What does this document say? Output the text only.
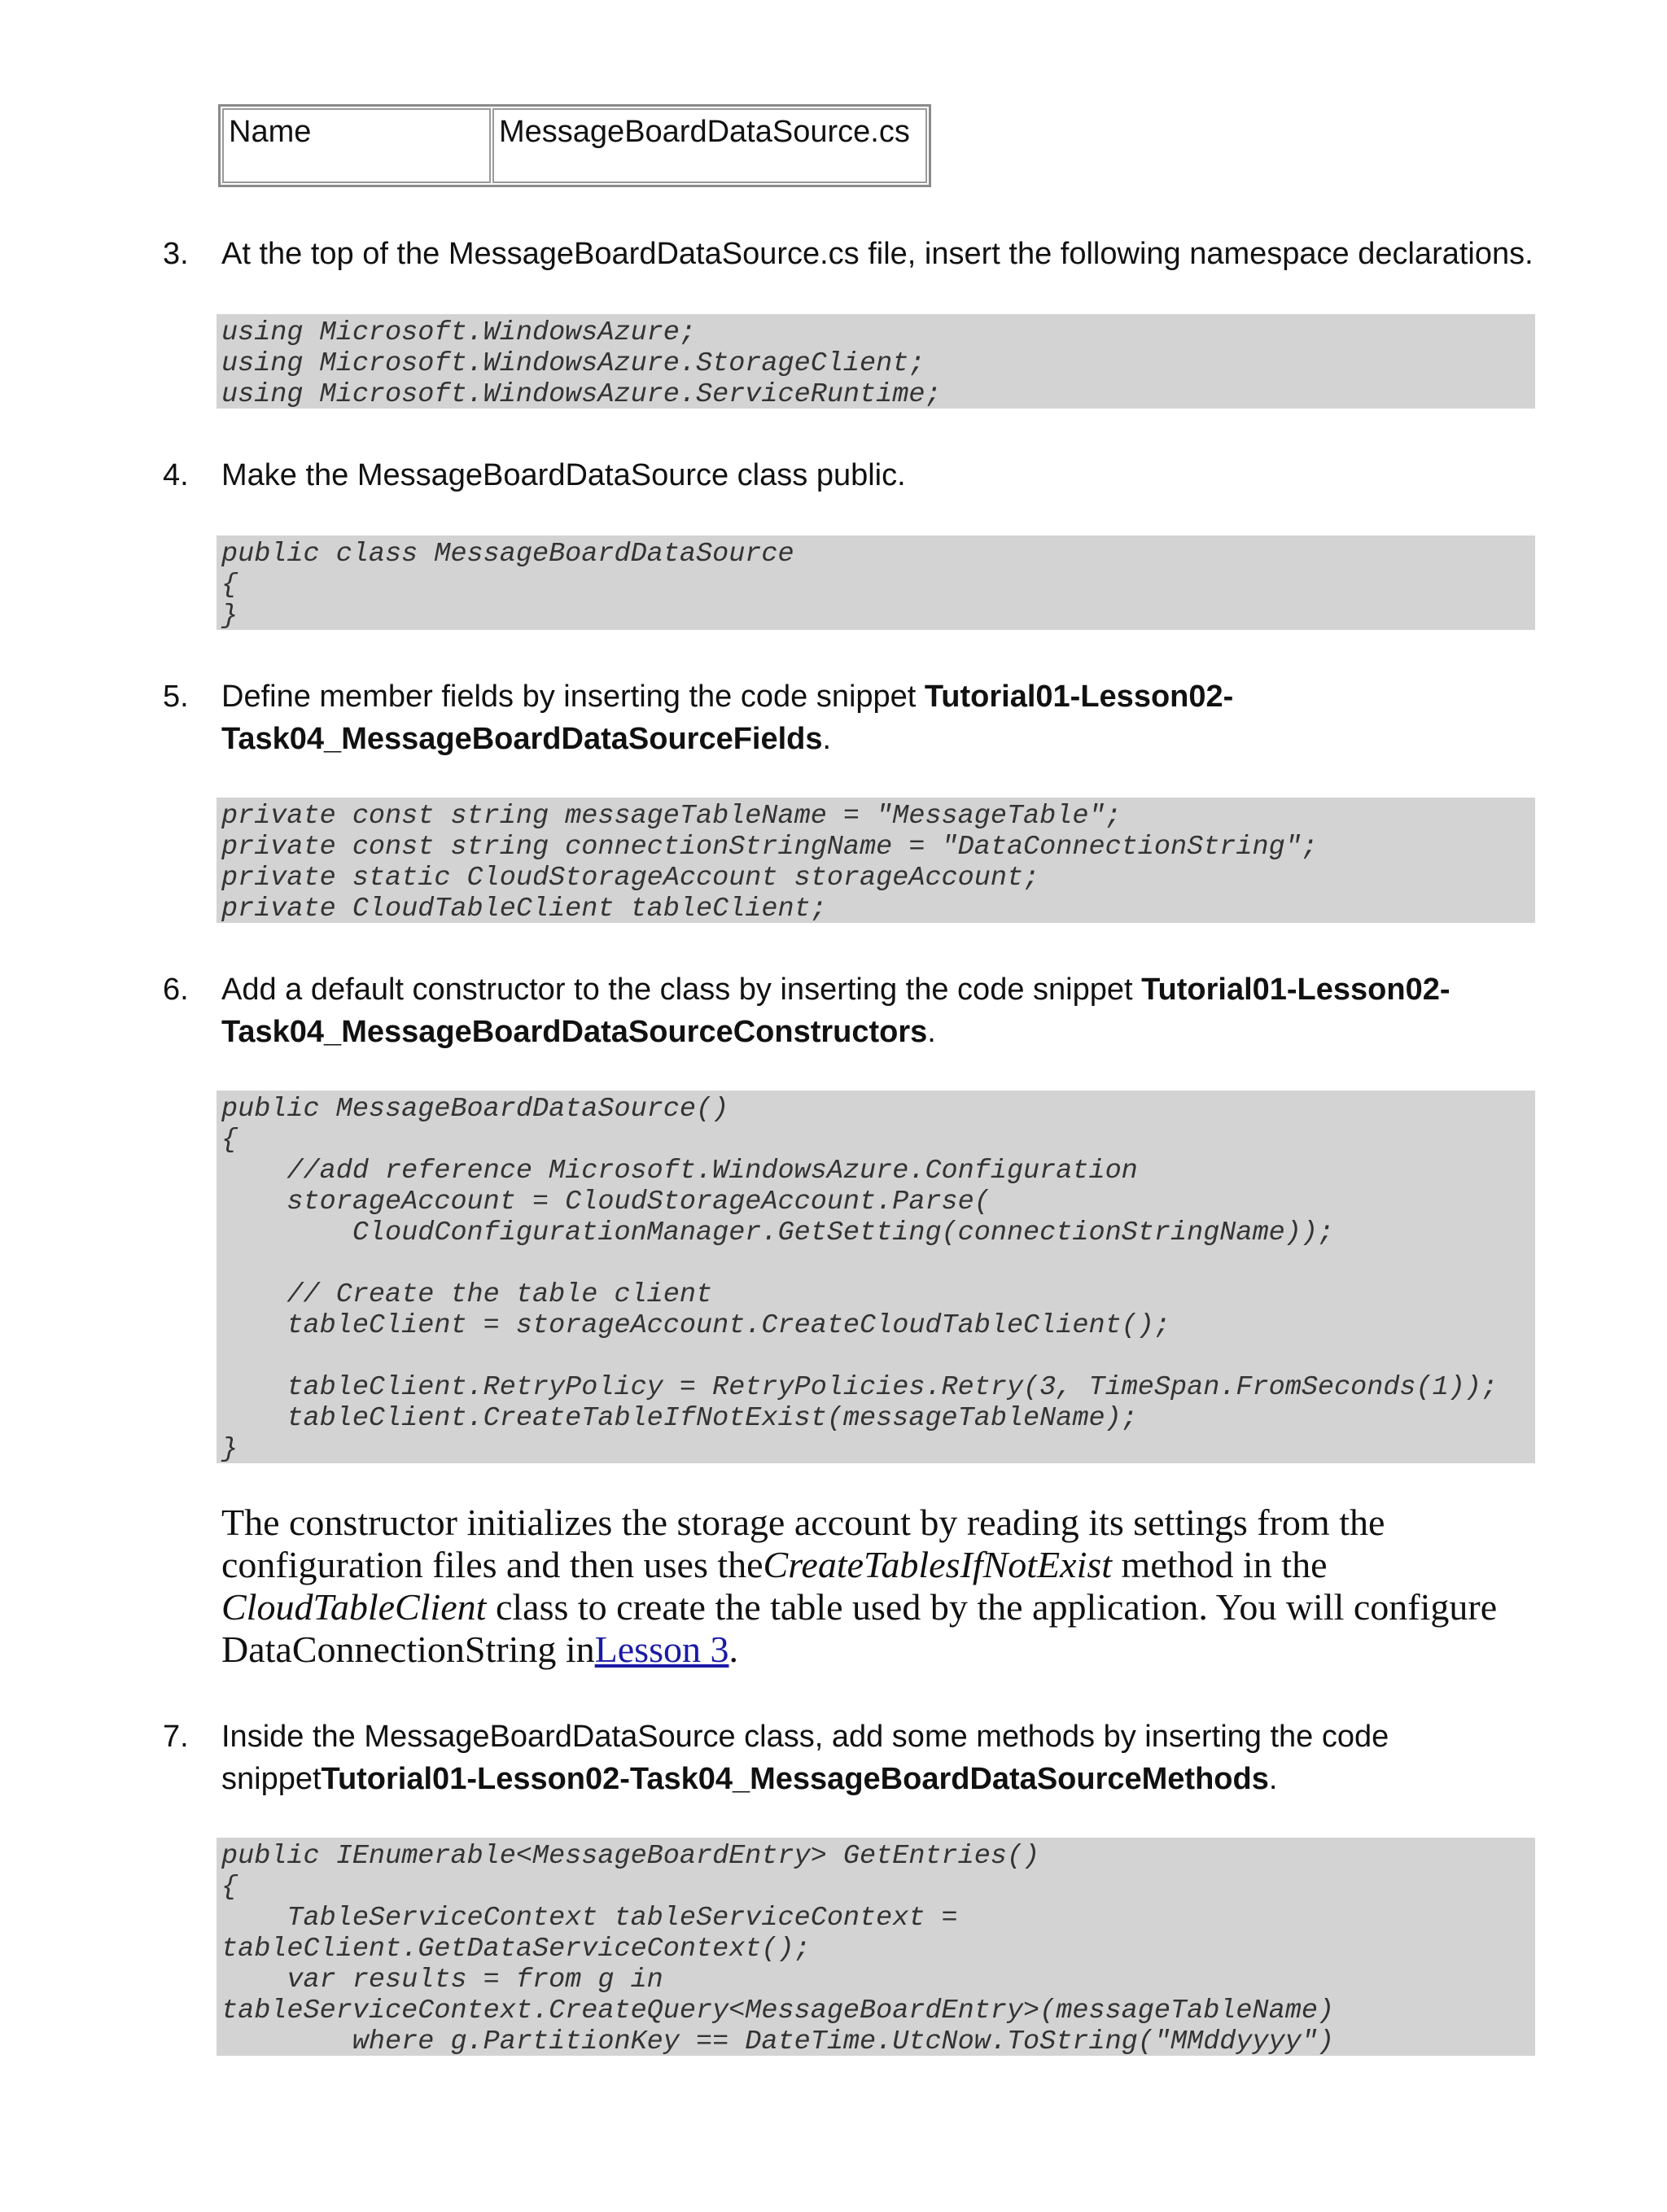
Name	MessageBoardDataSource.cs
3. At the top of the MessageBoardDataSource.cs file, insert the following namespace declarations.
using Microsoft.WindowsAzure;
using Microsoft.WindowsAzure.StorageClient;
using Microsoft.WindowsAzure.ServiceRuntime;
4. Make the MessageBoardDataSource class public.
public class MessageBoardDataSource
{
}
5. Define member fields by inserting the code snippet Tutorial01-Lesson02-Task04_MessageBoardDataSourceFields.
private const string messageTableName = "MessageTable";
private const string connectionStringName = "DataConnectionString";
private static CloudStorageAccount storageAccount;
private CloudTableClient tableClient;
6. Add a default constructor to the class by inserting the code snippet Tutorial01-Lesson02-Task04_MessageBoardDataSourceConstructors.
public MessageBoardDataSource()
{
//add reference Microsoft.WindowsAzure.Configuration
storageAccount = CloudStorageAccount.Parse(
CloudConfigurationManager.GetSetting(connectionStringName));

// Create the table client
tableClient = storageAccount.CreateCloudTableClient();

tableClient.RetryPolicy = RetryPolicies.Retry(3, TimeSpan.FromSeconds(1));
tableClient.CreateTableIfNotExist(messageTableName);
}
The constructor initializes the storage account by reading its settings from the configuration files and then uses theCreateTablesIfNotExist method in the CloudTableClient class to create the table used by the application. You will configure DataConnectionString inLesson 3.
7. Inside the MessageBoardDataSource class, add some methods by inserting the code snippetTutorial01-Lesson02-Task04_MessageBoardDataSourceMethods.
public IEnumerable<MessageBoardEntry> GetEntries()
{
TableServiceContext tableServiceContext =
tableClient.GetDataServiceContext();
var results = from g in
tableServiceContext.CreateQuery<MessageBoardEntry>(messageTableName)
where g.PartitionKey == DateTime.UtcNow.ToString("MMddyyyy")
